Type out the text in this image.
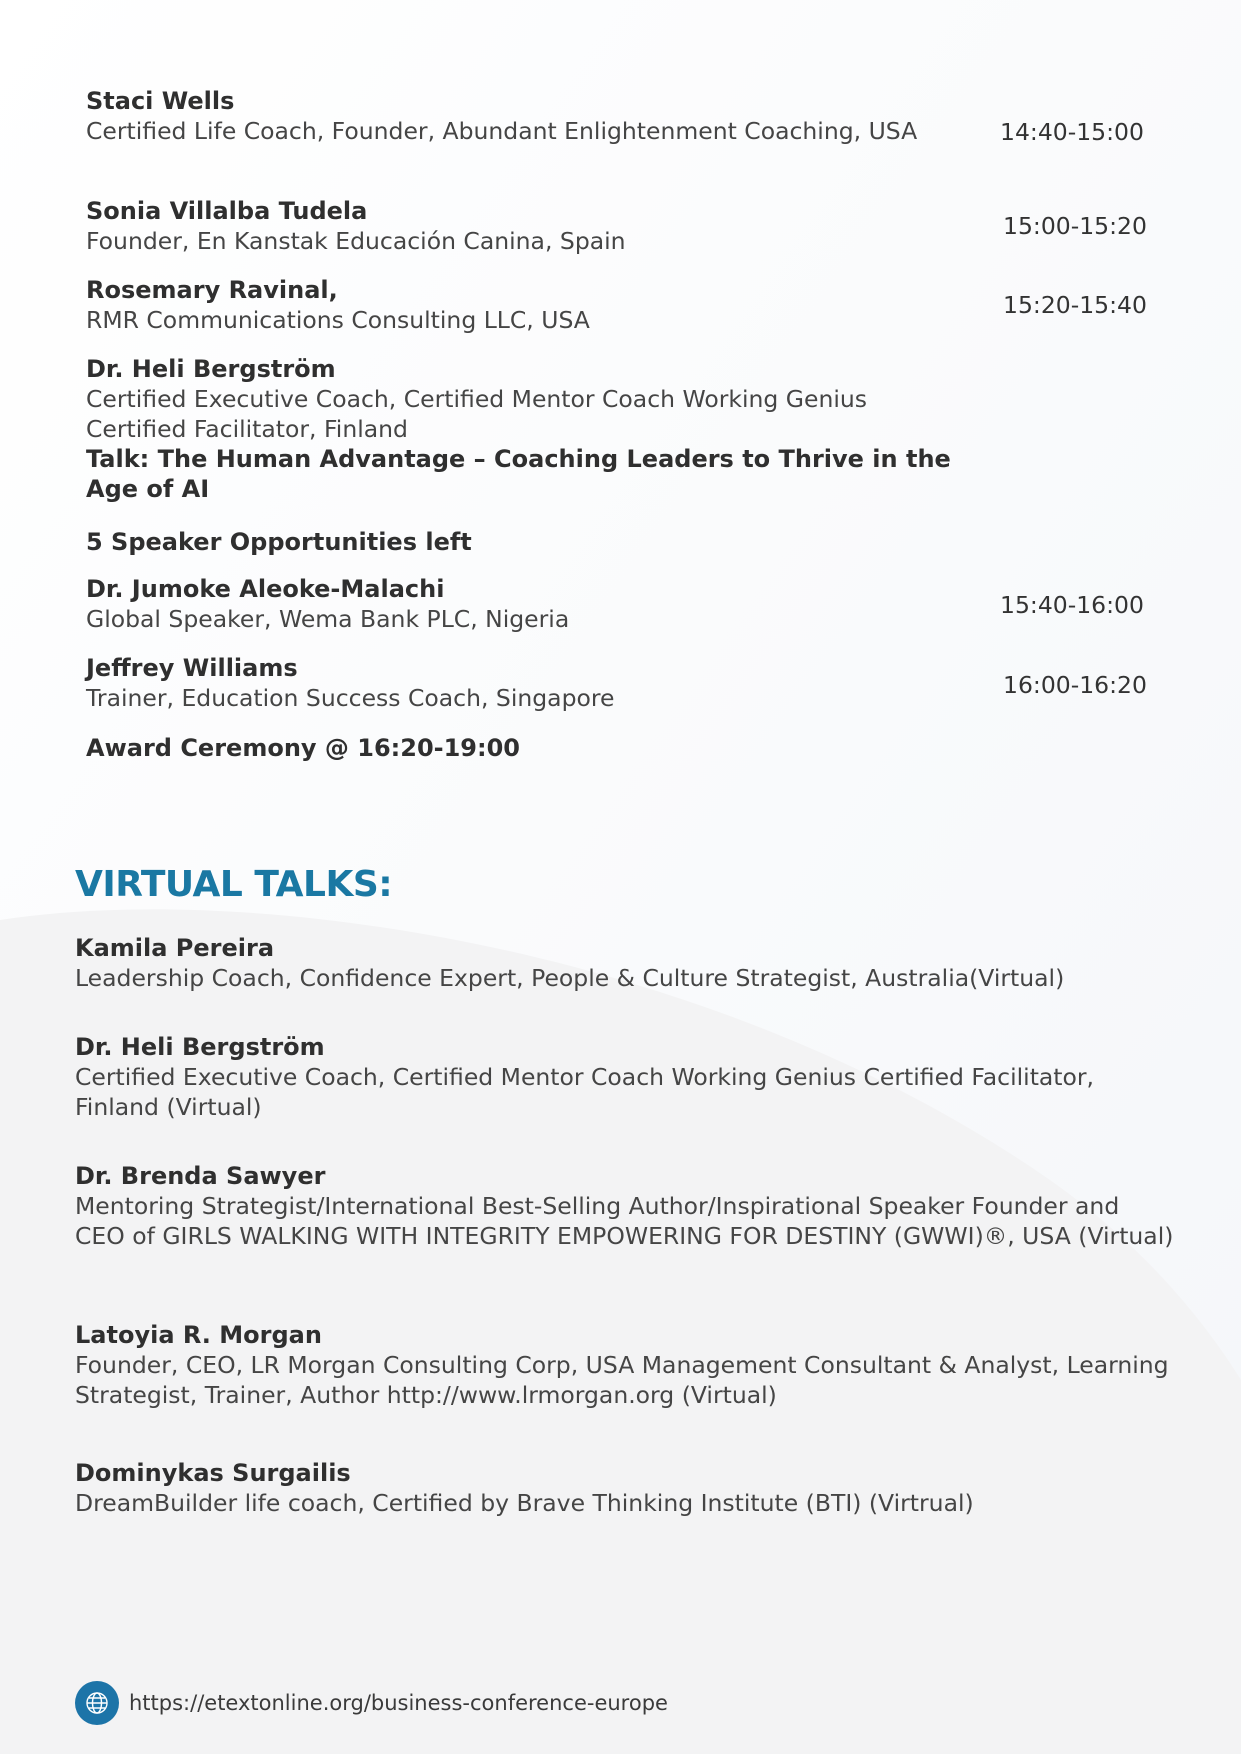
Staci Wells
Certified Life Coach, Founder, Abundant Enlightenment Coaching, USA	14:40-15:00
Sonia Villalba Tudela
Founder, En Kanstak Educación Canina, Spain
15:00-15:20
Rosemary Ravinal,
RMR Communications Consulting LLC, USA
15:20-15:40
Dr. Heli Bergström
Certified Executive Coach, Certified Mentor Coach Working Genius Certified Facilitator, Finland
Talk: The Human Advantage – Coaching Leaders to Thrive in the Age of AI
5 Speaker Opportunities left
Dr. Jumoke Aleoke-Malachi
Global Speaker, Wema Bank PLC, Nigeria	15:40-16:00
Jeffrey Williams
Trainer, Education Success Coach, Singapore	16:00-16:20
Award Ceremony @ 16:20-19:00
VIRTUAL TALKS:
Kamila Pereira
Leadership Coach, Confidence Expert, People & Culture Strategist, Australia(Virtual)
Dr. Heli Bergström
Certified Executive Coach, Certified Mentor Coach Working Genius Certified Facilitator, Finland (Virtual)
Dr. Brenda Sawyer
Mentoring Strategist/International Best-Selling Author/Inspirational Speaker Founder and CEO of GIRLS WALKING WITH INTEGRITY EMPOWERING FOR DESTINY (GWWI)®, USA (Virtual)
Latoyia R. Morgan
Founder, CEO, LR Morgan Consulting Corp, USA Management Consultant & Analyst, Learning Strategist, Trainer, Author http://www.lrmorgan.org (Virtual)
Dominykas Surgailis
DreamBuilder life coach, Certified by Brave Thinking Institute (BTI) (Virtrual)
https://etextonline.org/business-conference-europe
